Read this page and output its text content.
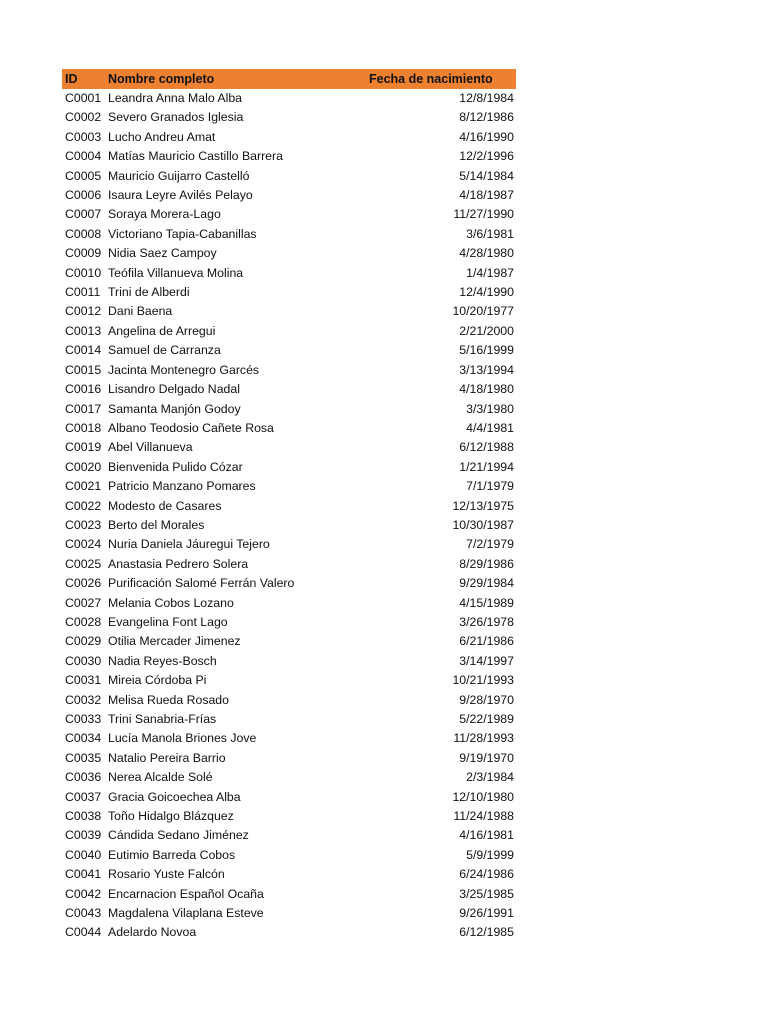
ID	Nombre completo	Fecha de nacimiento
C0001	Leandra Anna Malo Alba	12/8/1984
C0002	Severo Granados Iglesia	8/12/1986
C0003	Lucho Andreu Amat	4/16/1990
C0004	Matías Mauricio Castillo Barrera	12/2/1996
C0005	Mauricio Guijarro Castelló	5/14/1984
C0006	Isaura Leyre Avilés Pelayo	4/18/1987
C0007	Soraya Morera-Lago	11/27/1990
C0008	Victoriano Tapia-Cabanillas	3/6/1981
C0009	Nidia Saez Campoy	4/28/1980
C0010	Teófila Villanueva Molina	1/4/1987
C0011	Trini de Alberdi	12/4/1990
C0012	Dani Baena	10/20/1977
C0013	Angelina de Arregui	2/21/2000
C0014	Samuel de Carranza	5/16/1999
C0015	Jacinta Montenegro Garcés	3/13/1994
C0016	Lisandro Delgado Nadal	4/18/1980
C0017	Samanta Manjón Godoy	3/3/1980
C0018	Albano Teodosio Cañete Rosa	4/4/1981
C0019	Abel Villanueva	6/12/1988
C0020	Bienvenida Pulido Cózar	1/21/1994
C0021	Patricio Manzano Pomares	7/1/1979
C0022	Modesto de Casares	12/13/1975
C0023	Berto del Morales	10/30/1987
C0024	Nuria Daniela Jáuregui Tejero	7/2/1979
C0025	Anastasia Pedrero Solera	8/29/1986
C0026	Purificación Salomé Ferrán Valero	9/29/1984
C0027	Melania Cobos Lozano	4/15/1989
C0028	Evangelina Font Lago	3/26/1978
C0029	Otilia Mercader Jimenez	6/21/1986
C0030	Nadia Reyes-Bosch	3/14/1997
C0031	Mireia Córdoba Pi	10/21/1993
C0032	Melisa Rueda Rosado	9/28/1970
C0033	Trini Sanabria-Frías	5/22/1989
C0034	Lucía Manola Briones Jove	11/28/1993
C0035	Natalio Pereira Barrio	9/19/1970
C0036	Nerea Alcalde Solé	2/3/1984
C0037	Gracia Goicoechea Alba	12/10/1980
C0038	Toño Hidalgo Blázquez	11/24/1988
C0039	Cándida Sedano Jiménez	4/16/1981
C0040	Eutimio Barreda Cobos	5/9/1999
C0041	Rosario Yuste Falcón	6/24/1986
C0042	Encarnacion Español Ocaña	3/25/1985
C0043	Magdalena Vilaplana Esteve	9/26/1991
C0044	Adelardo Novoa	6/12/1985
